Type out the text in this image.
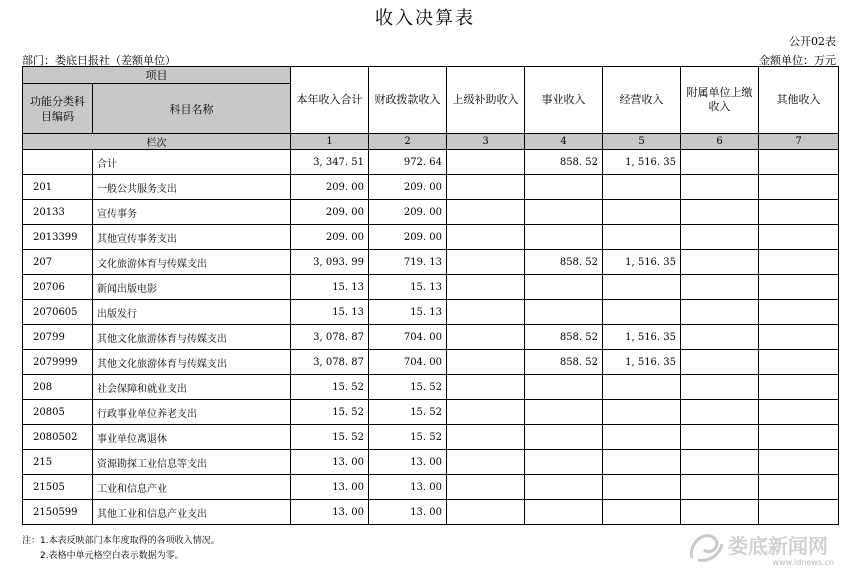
收入决算表
公开02表
部门：娄底日报社（差额单位）	金额单位：万元
项目		本年收入合计	财政拨款收入	上级补助收入	事业收入	经营收入	附属单位上缴收入	其他收入
功能分类科目编码	科目名称							
栏次		1	2	3	4	5	6	7
	合计	3, 347. 51	972. 64		858. 52	1, 516. 35		
201	一般公共服务支出	209. 00	209. 00					
20133	宣传事务	209. 00	209. 00					
2013399	其他宣传事务支出	209. 00	209. 00					
207	文化旅游体育与传媒支出	3, 093. 99	719. 13		858. 52	1, 516. 35		
20706	新闻出版电影	15. 13	15. 13					
2070605	出版发行	15. 13	15. 13					
20799	其他文化旅游体育与传媒支出	3, 078. 87	704. 00		858. 52	1, 516. 35		
2079999	其他文化旅游体育与传媒支出	3, 078. 87	704. 00		858. 52	1, 516. 35		
208	社会保障和就业支出	15. 52	15. 52					
20805	行政事业单位养老支出	15. 52	15. 52					
2080502	事业单位离退休	15. 52	15. 52					
215	资源勘探工业信息等支出	13. 00	13. 00					
21505	工业和信息产业	13. 00	13. 00					
2150599	其他工业和信息产业支出	13. 00	13. 00					
注：1.本表反映部门本年度取得的各项收入情况。
2.表格中单元格空白表示数据为零。	娄底新闻网
www.ldnews.cn
